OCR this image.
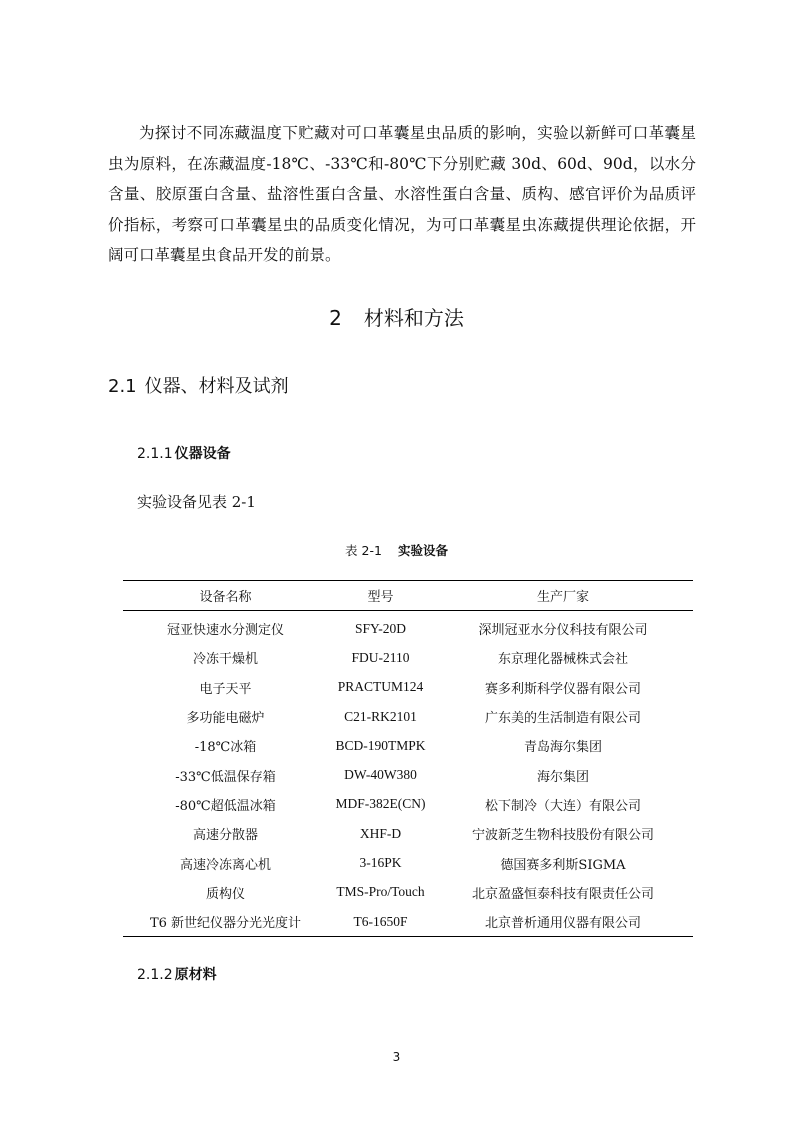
为探讨不同冻藏温度下贮藏对可口革囊星虫品质的影响，实验以新鲜可口革囊星虫为原料，在冻藏温度-18℃、-33℃和-80℃下分别贮藏 30d、60d、90d，以水分含量、胶原蛋白含量、盐溶性蛋白含量、水溶性蛋白含量、质构、感官评价为品质评价指标，考察可口革囊星虫的品质变化情况，为可口革囊星虫冻藏提供理论依据，开阔可口革囊星虫食品开发的前景。

2 材料和方法
2.1 仪器、材料及试剂
2.1.1 仪器设备

实验设备见表 2-1

表 2-1 实验设备

设备名称	型号	生产厂家
冠亚快速水分测定仪	SFY-20D	深圳冠亚水分仪科技有限公司
冷冻干燥机	FDU-2110	东京理化器械株式会社
电子天平	PRACTUM124	赛多利斯科学仪器有限公司
多功能电磁炉	C21-RK2101	广东美的生活制造有限公司
-18℃冰箱	BCD-190TMPK	青岛海尔集团
-33℃低温保存箱	DW-40W380	海尔集团
-80℃超低温冰箱	MDF-382E(CN)	松下制冷（大连）有限公司
高速分散器	XHF-D	宁波新芝生物科技股份有限公司
高速冷冻离心机	3-16PK	德国赛多利斯SIGMA
质构仪	TMS-Pro/Touch	北京盈盛恒泰科技有限责任公司
T6 新世纪仪器分光光度计	T6-1650F	北京普析通用仪器有限公司
2.1.2 原材料

3
